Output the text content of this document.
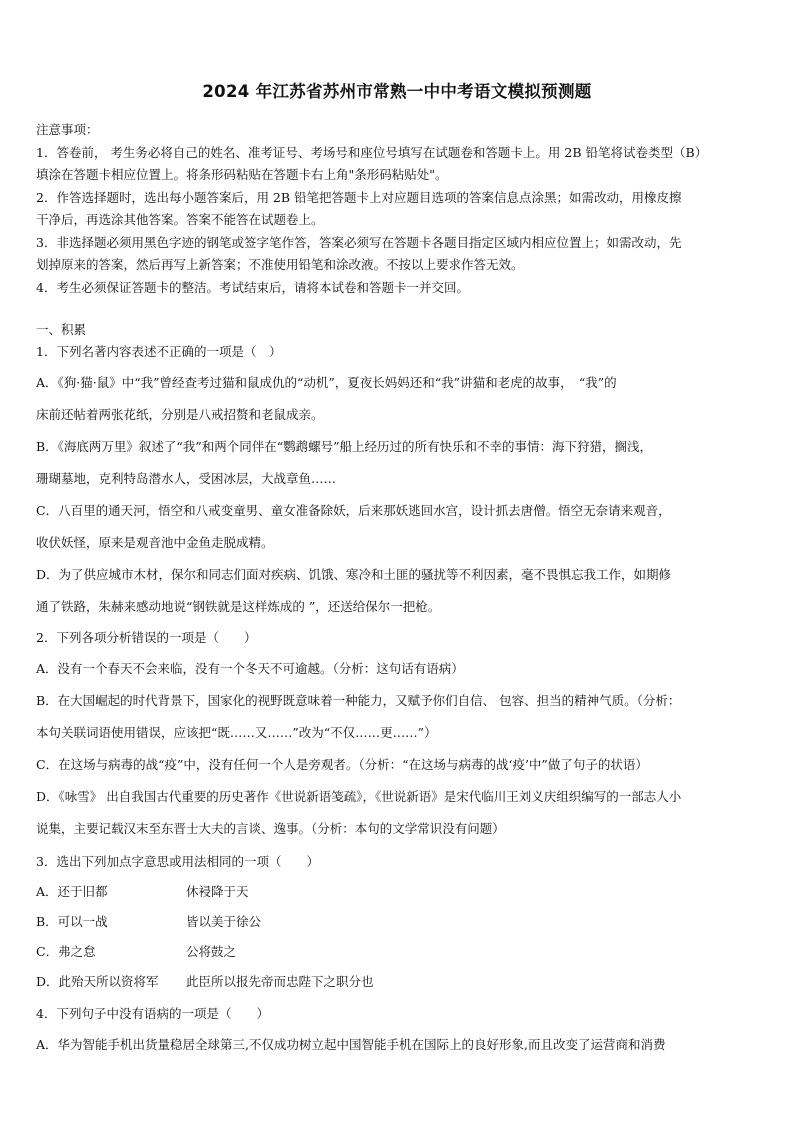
2024 年江苏省苏州市常熟一中中考语文模拟预测题

注意事项：

1．答卷前， 考生务必将自己的姓名、准考证号、考场号和座位号填写在试题卷和答题卡上。用 2B 铅笔将试卷类型（B）

填涂在答题卡相应位置上。将条形码粘贴在答题卡右上角"条形码粘贴处"。

2．作答选择题时，选出每小题答案后，用 2B 铅笔把答题卡上对应题目选项的答案信息点涂黑；如需改动，用橡皮擦

干净后，再选涂其他答案。答案不能答在试题卷上。

3．非选择题必须用黑色字迹的钢笔或签字笔作答，答案必须写在答题卡各题目指定区域内相应位置上；如需改动，先

划掉原来的答案，然后再写上新答案；不准使用铅笔和涂改液。不按以上要求作答无效。

4．考生必须保证答题卡的整洁。考试结束后，请将本试卷和答题卡一并交回。

一、积累

1．下列名著内容表述不正确的一项是（　）

A．《狗·猫·鼠》中“我”曾经查考过猫和鼠成仇的“动机”，夏夜长妈妈还和“我”讲猫和老虎的故事，　“我”的

床前还帖着两张花纸，分别是八戒招赘和老鼠成亲。

B．《海底两万里》叙述了“我”和两个同伴在“鹦鹉螺号”船上经历过的所有快乐和不幸的事情：海下狩猎，搁浅，

珊瑚墓地，克利特岛潜水人，受困冰层，大战章鱼……

C．八百里的通天河，悟空和八戒变童男、童女准备除妖，后来那妖逃回水宫，设计抓去唐僧。悟空无奈请来观音，

收伏妖怪，原来是观音池中金鱼走脱成精。

D．为了供应城市木材，保尔和同志们面对疾病、饥饿、寒冷和土匪的骚扰等不利因素，毫不畏惧忘我工作，如期修

通了铁路，朱赫来感动地说“钢铁就是这样炼成的 ”，还送给保尔一把枪。

2．下列各项分析错误的一项是（　　）

A．没有一个春天不会来临，没有一个冬天不可逾越。（分析：这句话有语病）

B．在大国崛起的时代背景下，国家化的视野既意味着一种能力，又赋予你们自信、 包容、担当的精神气质。（分析：

本句关联词语使用错误，应该把“既……又……”改为“不仅……更……”）

C．在这场与病毒的战“疫”中，没有任何一个人是旁观者。（分析：“在这场与病毒的战‘疫’中”做了句子的状语）

D．《咏雪》 出自我国古代重要的历史著作《世说新语笺疏》，《世说新语》是宋代临川王刘义庆组织编写的一部志人小

说集，主要记载汉末至东晋士大夫的言谈、逸事。（分析：本句的文学常识没有问题）

3．选出下列加点字意思或用法相同的一项（　　）

A．还于旧都	休祲降于天
B．可以一战	皆以美于徐公
C．弗之怠	公将鼓之
D．此殆天所以资将军	此臣所以报先帝而忠陛下之职分也

4．下列句子中没有语病的一项是（　　）

A．华为智能手机出货量稳居全球第三,不仅成功树立起中国智能手机在国际上的良好形象,而且改变了运营商和消费
